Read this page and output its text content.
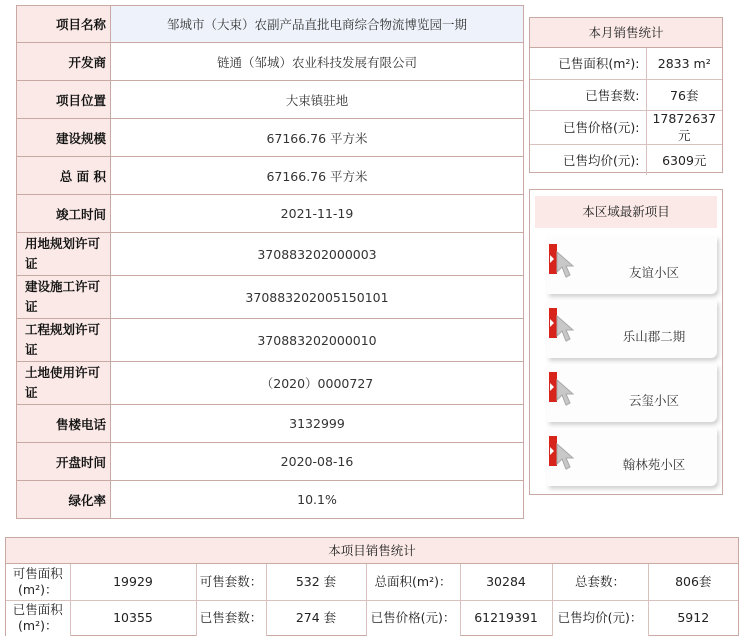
项目名称	邹城市（大束）农副产品直批电商综合物流博览园一期
开发商	链通（邹城）农业科技发展有限公司
项目位置	大束镇驻地
建设规模	67166.76 平方米
总 面 积	67166.76 平方米
竣工时间	2021-11-19
用地规划许可证	370883202000003
建设施工许可证	370883202005150101
工程规划许可证	370883202000010
土地使用许可证	（2020）0000727
售楼电话	3132999
开盘时间	2020-08-16
绿化率	10.1%
本月销售统计
已售面积(m²):	2833 m²
已售套数:	76套
已售价格(元):	17872637元
已售均价(元):	6309元
本区域最新项目
友谊小区
乐山郡二期
云玺小区
翰林苑小区
本项目销售统计
可售面积(m²)：	19929	可售套数：	532 套	总面积(m²)：	30284	总套数：	806套
已售面积(m²)：	10355	已售套数：	274 套	已售价格(元)：	61219391	已售均价(元)：	5912
